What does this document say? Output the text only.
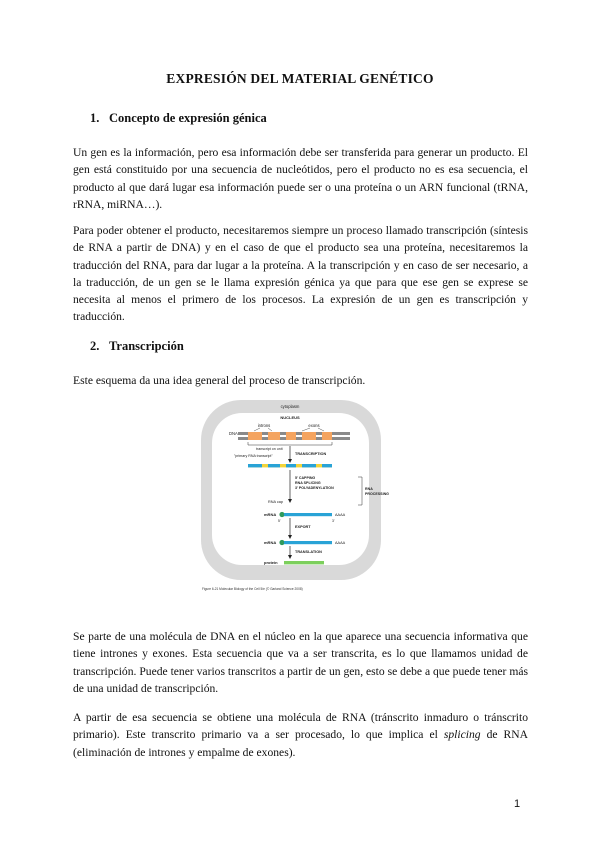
EXPRESIÓN DEL MATERIAL GENÉTICO
1. Concepto de expresión génica
Un gen es la información, pero esa información debe ser transferida para generar un producto. El gen está constituido por una secuencia de nucleótidos, pero el producto no es esa secuencia, el producto al que dará lugar esa información puede ser o una proteína o un ARN funcional (tRNA, rRNA, miRNA…).
Para poder obtener el producto, necesitaremos siempre un proceso llamado transcripción (síntesis de RNA a partir de DNA) y en el caso de que el producto sea una proteína, necesitaremos la traducción del RNA, para dar lugar a la proteína. A la transcripción y en caso de ser necesario, a la traducción, de un gen se le llama expresión génica ya que para que ese gen se exprese se necesita al menos el primero de los procesos. La expresión de un gen es transcripción y traducción.
2. Transcripción
Este esquema da una idea general del proceso de transcripción.
cytoplasm
NUCLEUS
introns	exons
DNA
transcript on unit
"primary RNA transcript"	TRANSCRIPTION
5' CAPPING
RNA SPLICING
3' POLYADENYLATION	RNA
PROCESSING
RNA cap
mRNA	AAAA
5'	3'
EXPORT
mRNA	AAAA
TRANSLATION
protein
Figure 6-21 Molecular Biology of the Cell 5/e (© Garland Science 2008)
Se parte de una molécula de DNA en el núcleo en la que aparece una secuencia informativa que tiene intrones y exones. Esta secuencia que va a ser transcrita, es lo que llamamos unidad de transcripción. Puede tener varios transcritos a partir de un gen, esto se debe a que puede tener más de una unidad de transcripción.
A partir de esa secuencia se obtiene una molécula de RNA (tránscrito inmaduro o tránscrito primario). Este transcrito primario va a ser procesado, lo que implica el splicing de RNA (eliminación de intrones y empalme de exones).
1
